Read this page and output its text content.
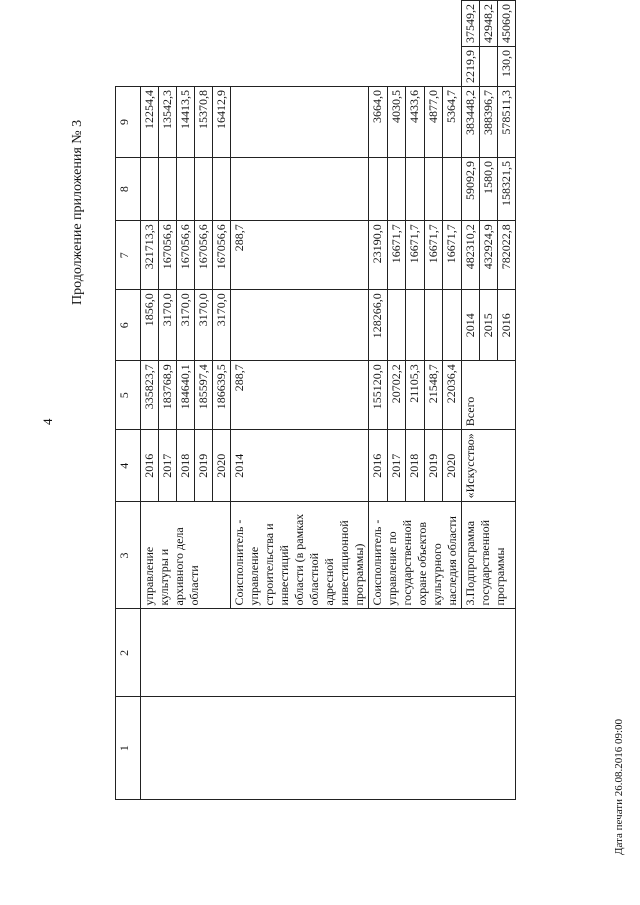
4
Продолжение приложения № 3
1	2	3	4	5	6	7	8	9		
		управление культуры и архивного дела области	2016	335823,7	1856,0	321713,3		12254,4		
			2017	183768,9	3170,0	167056,6		13542,3		
			2018	184640,1	3170,0	167056,6		14413,5		
			2019	185597,4	3170,0	167056,6		15370,8		
			2020	186639,5	3170,0	167056,6		16412,9		
		Соисполнитель - управление строительства и инвестиций области (в рамках областной адресной инвестиционной программы)	2014	288,7		288,7				
		Соисполнитель - управление по государственной охране объектов культурного наследия области	2016	155120,0	128266,0	23190,0		3664,0		
			2017	20702,2		16671,7		4030,5		
			2018	21105,3		16671,7		4433,6		
			2019	21548,7		16671,7		4877,0		
			2020	22036,4		16671,7		5364,7		
		3.Подпрограмма государственной программы	«Искусство»	Всего	2014	482310,2	59092,9	383448,2	2219,9	37549,2
					2015	432924,9	1580,0	388396,7		42948,2
					2016	782022,8	158321,5	578511,3	130,0	45060,0
Дата печати 26.08.2016 09:00
